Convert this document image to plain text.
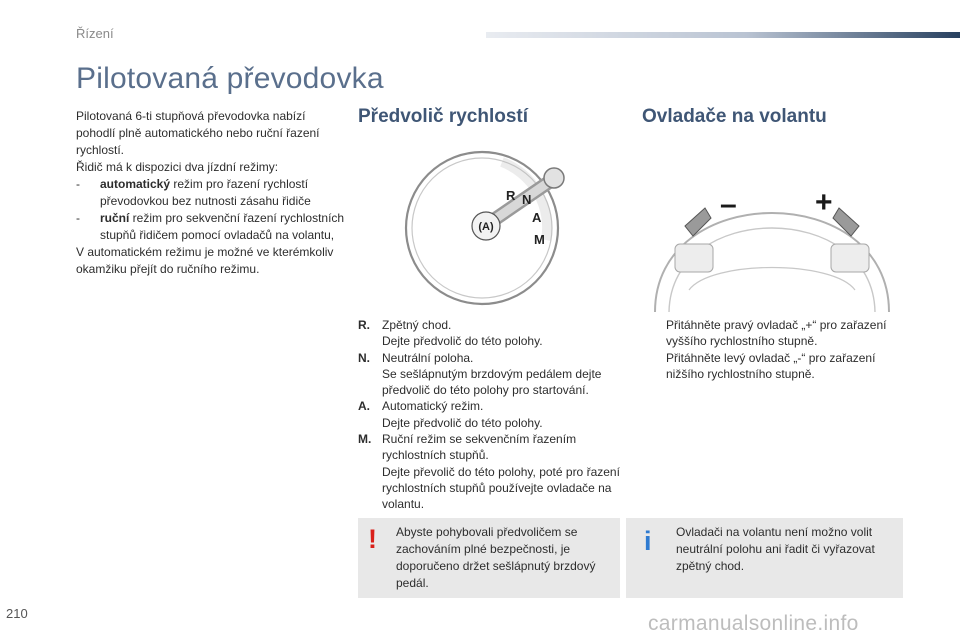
Řízení
Pilotovaná převodovka

Pilotovaná 6-ti stupňová převodovka nabízí pohodlí plně automatického nebo ruční řazení rychlostí.

Řidič má k dispozici dva jízdní režimy:

-	automatický režim pro řazení rychlostí převodovkou bez nutnosti zásahu řidiče
-	ruční režim pro sekvenční řazení rychlostních stupňů řidičem pomocí ovladačů na volantu,

V automatickém režimu je možné ve kterémkoliv okamžiku přejít do ručního režimu.

Předvolič rychlostí	Ovladače na volantu
(A)
R N
A
M
–	+
R.	Zpětný chod.
Dejte předvolič do této polohy.
N.	Neutrální poloha.
Se sešlápnutým brzdovým pedálem dejte předvolič do této polohy pro startování.
A.	Automatický režim.
Dejte předvolič do této polohy.
M. Ruční režim se sekvenčním řazením rychlostních stupňů.
Dejte převolič do této polohy, poté pro řazení rychlostních stupňů používejte ovladače na volantu.
Přitáhněte pravý ovladač „+“ pro zařazení vyššího rychlostního stupně.
Přitáhněte levý ovladač „-“ pro zařazení nižšího rychlostního stupně.
! Abyste pohybovali předvoličem se zachováním plné bezpečnosti, je doporučeno držet sešlápnutý brzdový pedál.
i Ovladači na volantu není možno volit neutrální polohu ani řadit či vyřazovat zpětný chod.
210	carmanualsonline.info
